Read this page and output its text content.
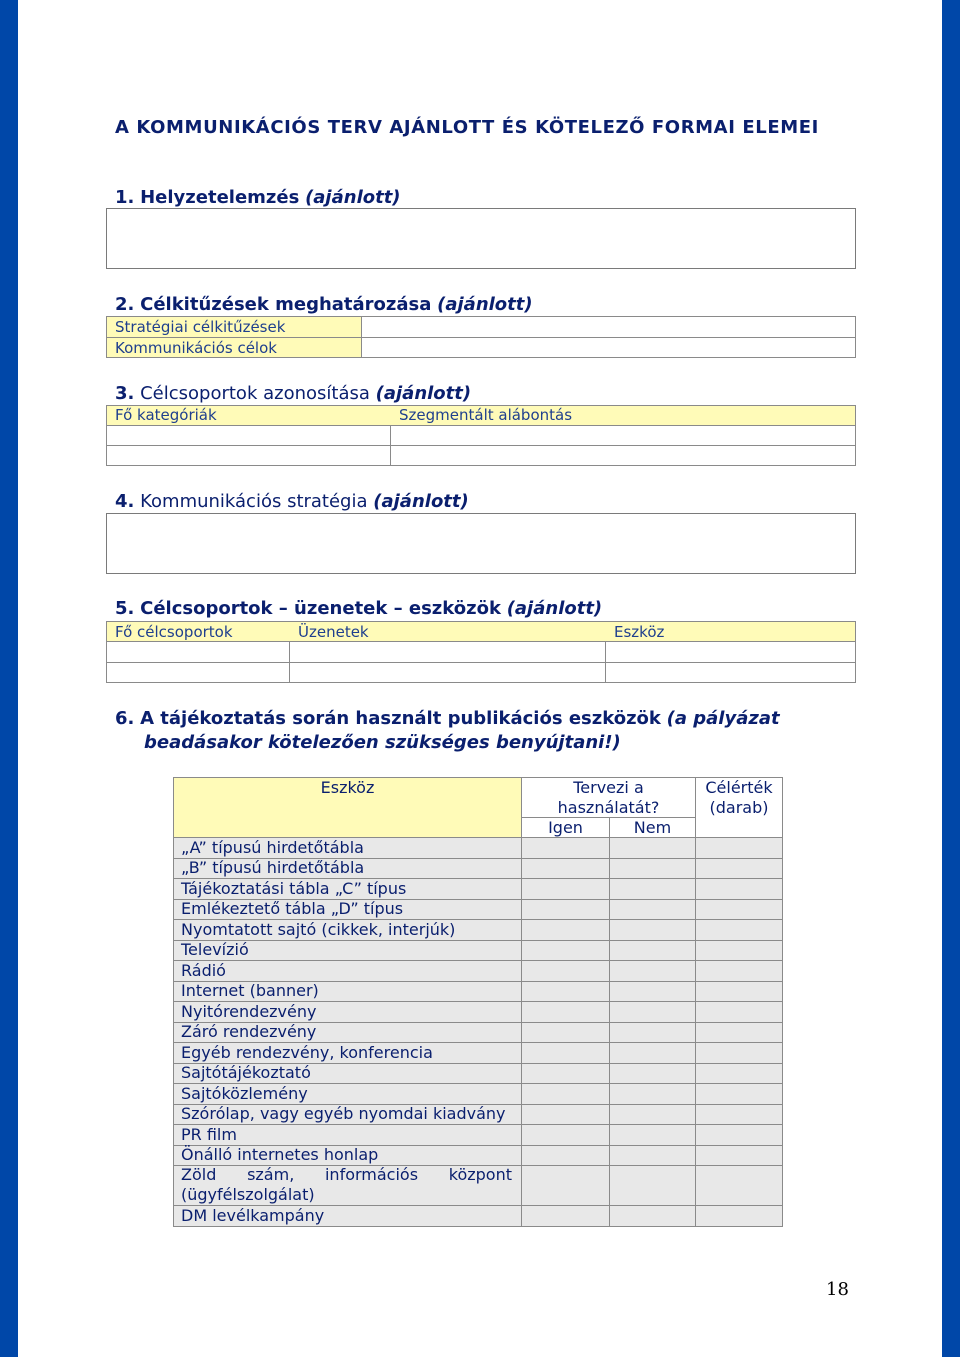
A KOMMUNIKÁCIÓS TERV AJÁNLOTT ÉS KÖTELEZŐ FORMAI ELEMEI
1. Helyzetelemzés (ajánlott)
2. Célkitűzések meghatározása (ajánlott)
Stratégiai célkitűzések
Kommunikációs célok
3. Célcsoportok azonosítása (ajánlott)
Fő kategóriák	Szegmentált alábontás
4. Kommunikációs stratégia (ajánlott)
5. Célcsoportok – üzenetek – eszközök (ajánlott)
Fő célcsoportok	Üzenetek	Eszköz
6. A tájékoztatás során használt publikációs eszközök (a pályázat
beadásakor kötelezően szükséges benyújtani!)
Eszköz	Tervezi a
használatát?
Igen	Nem
Célérték
(darab)
„A” típusú hirdetőtábla
„B” típusú hirdetőtábla
Tájékoztatási tábla „C” típus
Emlékeztető tábla „D” típus
Nyomtatott sajtó (cikkek, interjúk)
Televízió
Rádió
Internet (banner)
Nyitórendezvény
Záró rendezvény
Egyéb rendezvény, konferencia
Sajtótájékoztató
Sajtóközlemény
Szórólap, vagy egyéb nyomdai kiadvány
PR film
Önálló internetes honlap
Zöld szám, információs központ
(ügyfélszolgálat)
DM levélkampány
18
